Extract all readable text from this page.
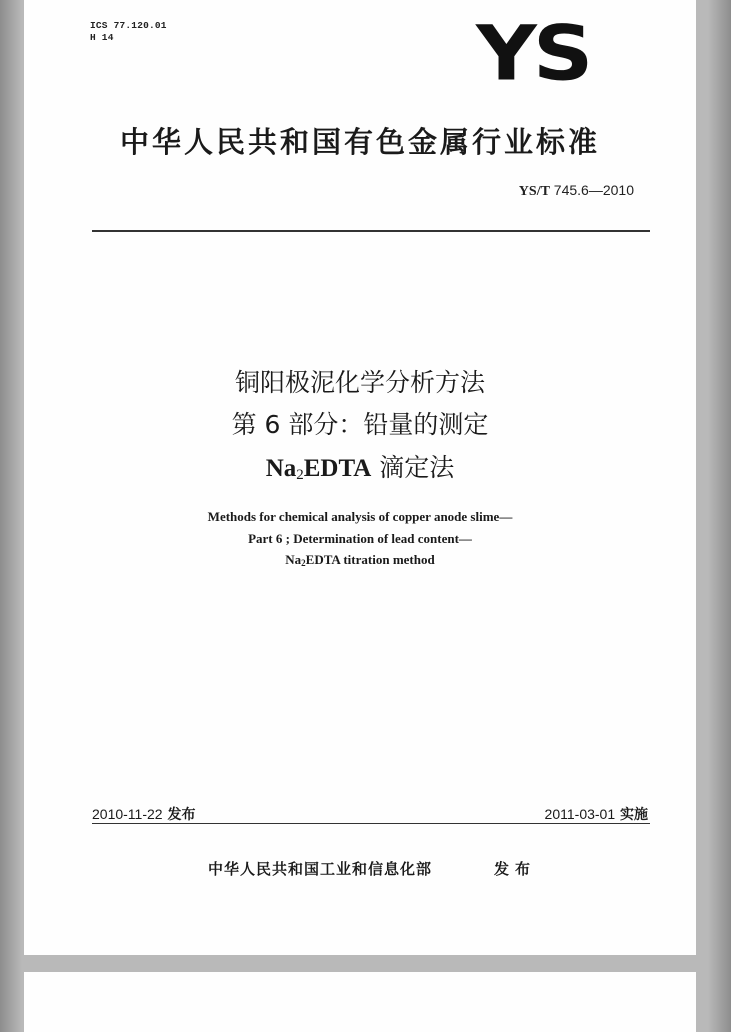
ICS 77.120.01
H 14	YS
中华人民共和国有色金属行业标准
YS/T 745.6—2010
铜阳极泥化学分析方法
第 6 部分：铅量的测定
$Na_2EDTA$ 滴定法
Methods for chemical analysis of copper anode slime—
Part 6 ; Determination of lead content—
$Na_2EDTA$ titration method
2010-11-22 发布	2011-03-01 实施
中华人民共和国工业和信息化部	发布
